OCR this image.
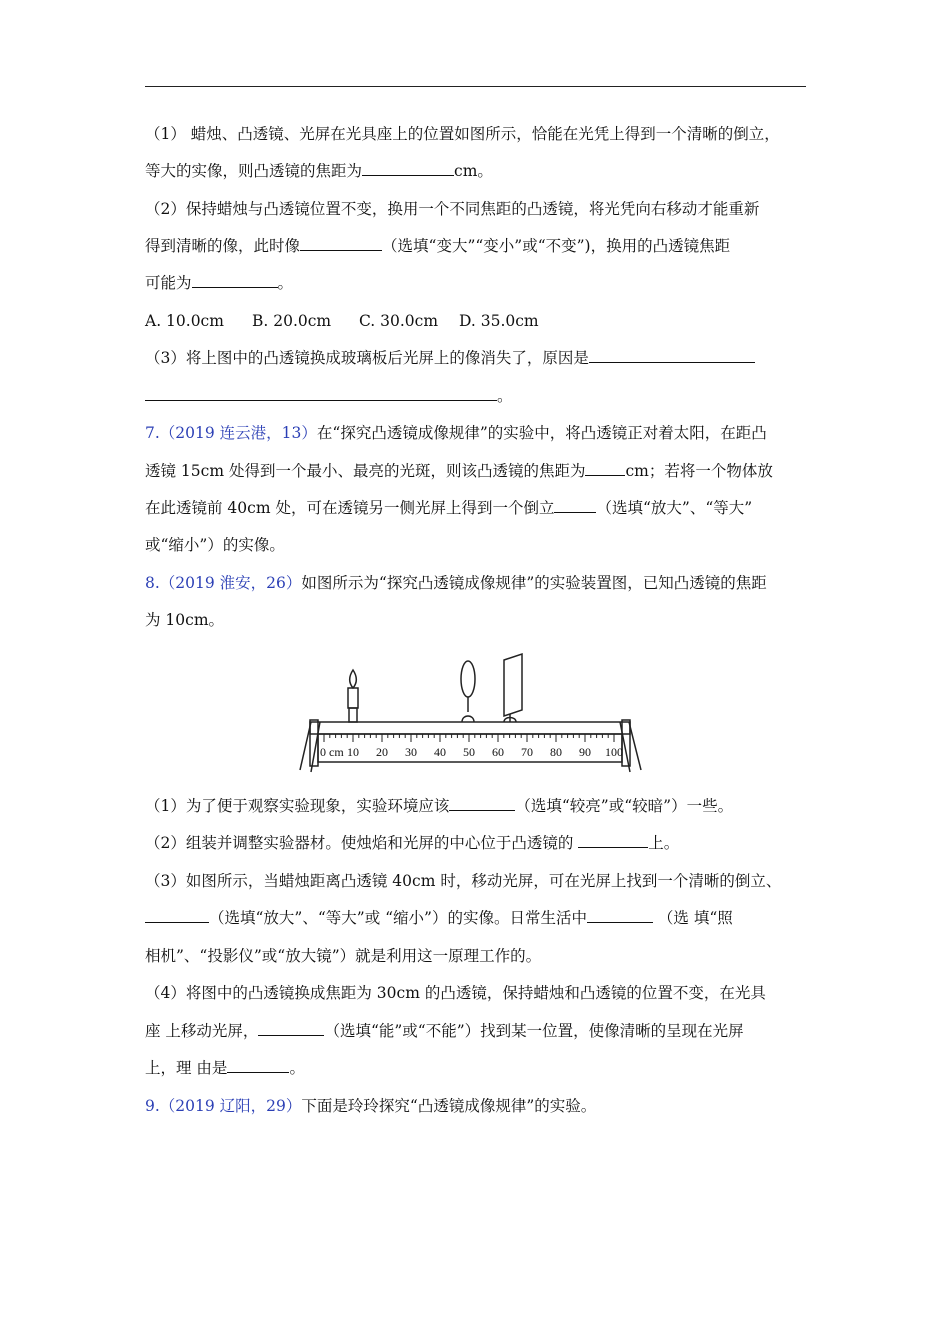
（1） 蜡烛、凸透镜、光屏在光具座上的位置如图所示，恰能在光凭上得到一个清晰的倒立，
等大的实像，则凸透镜的焦距为	cm。
（2）保持蜡烛与凸透镜位置不变，换用一个不同焦距的凸透镜，将光凭向右移动才能重新
得到清晰的像，此时像	（选填“变大”“变小”或“不变”)，换用的凸透镜焦距
可能为	。
A. 10.0cm B. 20.0cm C. 30.0cm D. 35.0cm
（3）将上图中的凸透镜换成玻璃板后光屏上的像消失了，原因是
。
7.（2019 连云港，13）在“探究凸透镜成像规律”的实验中，将凸透镜正对着太阳，在距凸
透镜 15cm 处得到一个最小、最亮的光斑，则该凸透镜的焦距为	cm；若将一个物体放
在此透镜前 40cm 处，可在透镜另一侧光屏上得到一个倒立	（选填“放大”、“等大”
或“缩小”）的实像。
8.（2019 淮安，26）如图所示为“探究凸透镜成像规律”的实验装置图，已知凸透镜的焦距
为 10cm。
0 cm 10 20 30 40 50 60 70 80 90 100
（1）为了便于观察实验现象，实验环境应该	（选填“较亮”或“较暗”）一些。
（2）组装并调整实验器材。使烛焰和光屏的中心位于凸透镜的	上。
（3）如图所示，当蜡烛距离凸透镜 40cm 时，移动光屏，可在光屏上找到一个清晰的倒立、
（选填“放大”、“等大”或 “缩小”）的实像。日常生活中	（选 填“照
相机”、“投影仪”或“放大镜”）就是利用这一原理工作的。
（4）将图中的凸透镜换成焦距为 30cm 的凸透镜，保持蜡烛和凸透镜的位置不变，在光具
座 上移动光屏，	（选填“能”或“不能”）找到某一位置，使像清晰的呈现在光屏
上，理 由是	。
9.（2019 辽阳，29）下面是玲玲探究“凸透镜成像规律”的实验。
